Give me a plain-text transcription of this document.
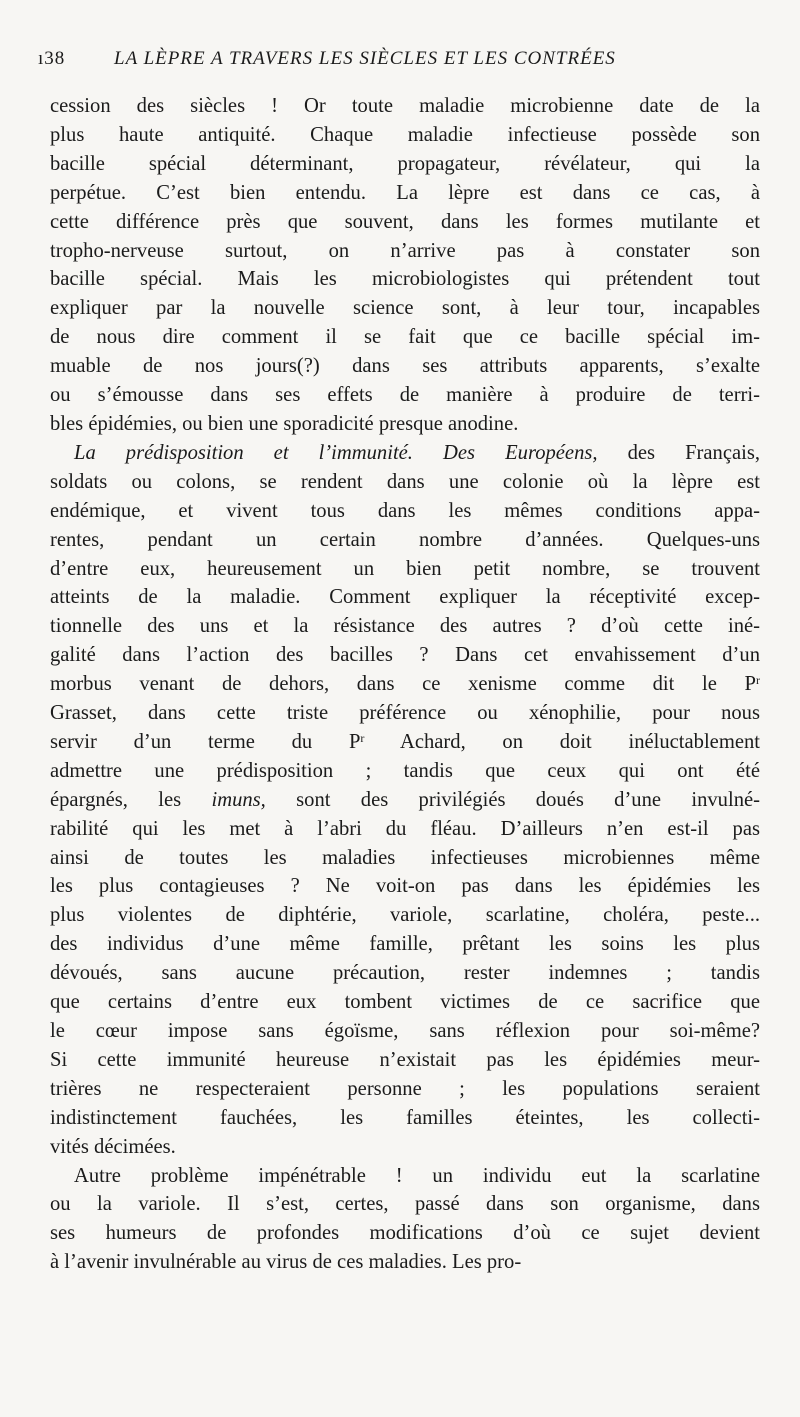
ı38	LA LÈPRE A TRAVERS LES SIÈCLES ET LES CONTRÉES
cession des siècles ! Or toute maladie microbienne date de la
plus haute antiquité. Chaque maladie infectieuse possède son
bacille spécial déterminant, propagateur, révélateur, qui la
perpétue. C’est bien entendu. La lèpre est dans ce cas, à
cette différence près que souvent, dans les formes mutilante et
tropho-nerveuse surtout, on n’arrive pas à constater son
bacille spécial. Mais les microbiologistes qui prétendent tout
expliquer par la nouvelle science sont, à leur tour, incapables
de nous dire comment il se fait que ce bacille spécial im-
muable de nos jours(?) dans ses attributs apparents, s’exalte
ou s’émousse dans ses effets de manière à produire de terri-
bles épidémies, ou bien une sporadicité presque anodine.
La prédisposition et l’immunité. Des Européens, des Français,
soldats ou colons, se rendent dans une colonie où la lèpre est
endémique, et vivent tous dans les mêmes conditions appa-
rentes, pendant un certain nombre d’années. Quelques-uns
d’entre eux, heureusement un bien petit nombre, se trouvent
atteints de la maladie. Comment expliquer la réceptivité excep-
tionnelle des uns et la résistance des autres ? d’où cette iné-
galité dans l’action des bacilles ? Dans cet envahissement d’un
morbus venant de dehors, dans ce xenisme comme dit le $P^r$
Grasset, dans cette triste préférence ou xénophilie, pour nous
servir d’un terme du $P^r$ Achard, on doit inéluctablement
admettre une prédisposition ; tandis que ceux qui ont été
épargnés, les imuns, sont des privilégiés doués d’une invulné-
rabilité qui les met à l’abri du fléau. D’ailleurs n’en est-il pas
ainsi de toutes les maladies infectieuses microbiennes même
les plus contagieuses ? Ne voit-on pas dans les épidémies les
plus violentes de diphtérie, variole, scarlatine, choléra, peste...
des individus d’une même famille, prêtant les soins les plus
dévoués, sans aucune précaution, rester indemnes ; tandis
que certains d’entre eux tombent victimes de ce sacrifice que
le cœur impose sans égoïsme, sans réflexion pour soi-même?
Si cette immunité heureuse n’existait pas les épidémies meur-
trières ne respecteraient personne ; les populations seraient
indistinctement fauchées, les familles éteintes, les collecti-
vités décimées.
Autre problème impénétrable ! un individu eut la scarlatine
ou la variole. Il s’est, certes, passé dans son organisme, dans
ses humeurs de profondes modifications d’où ce sujet devient
à l’avenir invulnérable au virus de ces maladies. Les pro-
